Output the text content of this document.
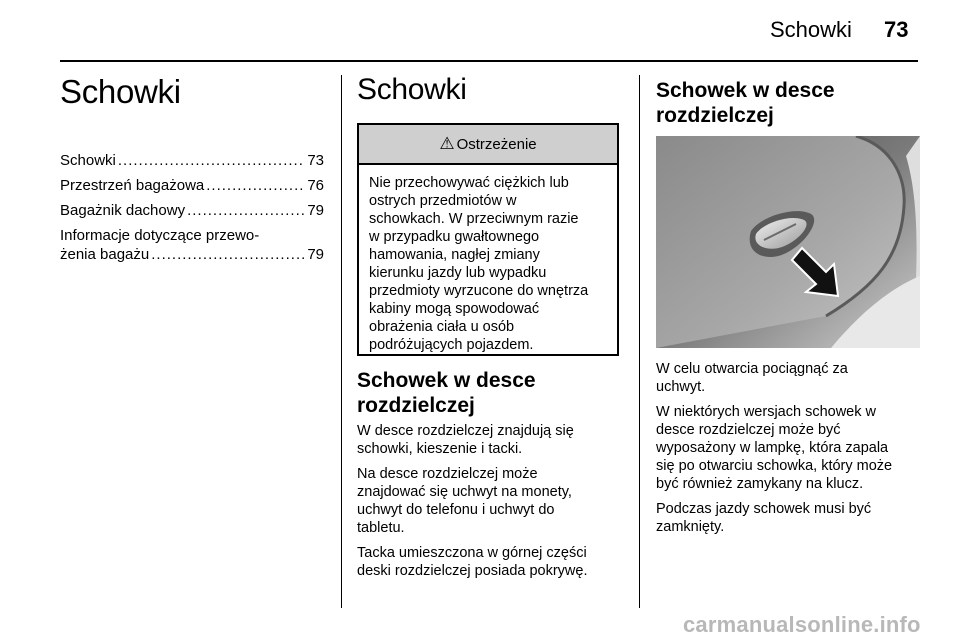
Schowki 73
Schowki
Schowki .....	73
Przestrzeń bagażowa .....	76
Bagażnik dachowy .....	79
Informacje dotyczące przewo-
żenia bagażu .....	79
Schowki
⚠ Ostrzeżenie
Nie przechowywać ciężkich lub
ostrych przedmiotów w
schowkach. W przeciwnym razie
w przypadku gwałtownego
hamowania, nagłej zmiany
kierunku jazdy lub wypadku
przedmioty wyrzucone do wnętrza
kabiny mogą spowodować
obrażenia ciała u osób
podróżujących pojazdem.
Schowek w desce
rozdzielczej

W desce rozdzielczej znajdują się
schowki, kieszenie i tacki.

Na desce rozdzielczej może
znajdować się uchwyt na monety,
uchwyt do telefonu i uchwyt do
tabletu.

Tacka umieszczona w górnej części
deski rozdzielczej posiada pokrywę.

Schowek w desce
rozdzielczej

W celu otwarcia pociągnąć za
uchwyt.

W niektórych wersjach schowek w
desce rozdzielczej może być
wyposażony w lampkę, która zapala
się po otwarciu schowka, który może
być również zamykany na klucz.

Podczas jazdy schowek musi być
zamknięty.

carmanualsonline.info
